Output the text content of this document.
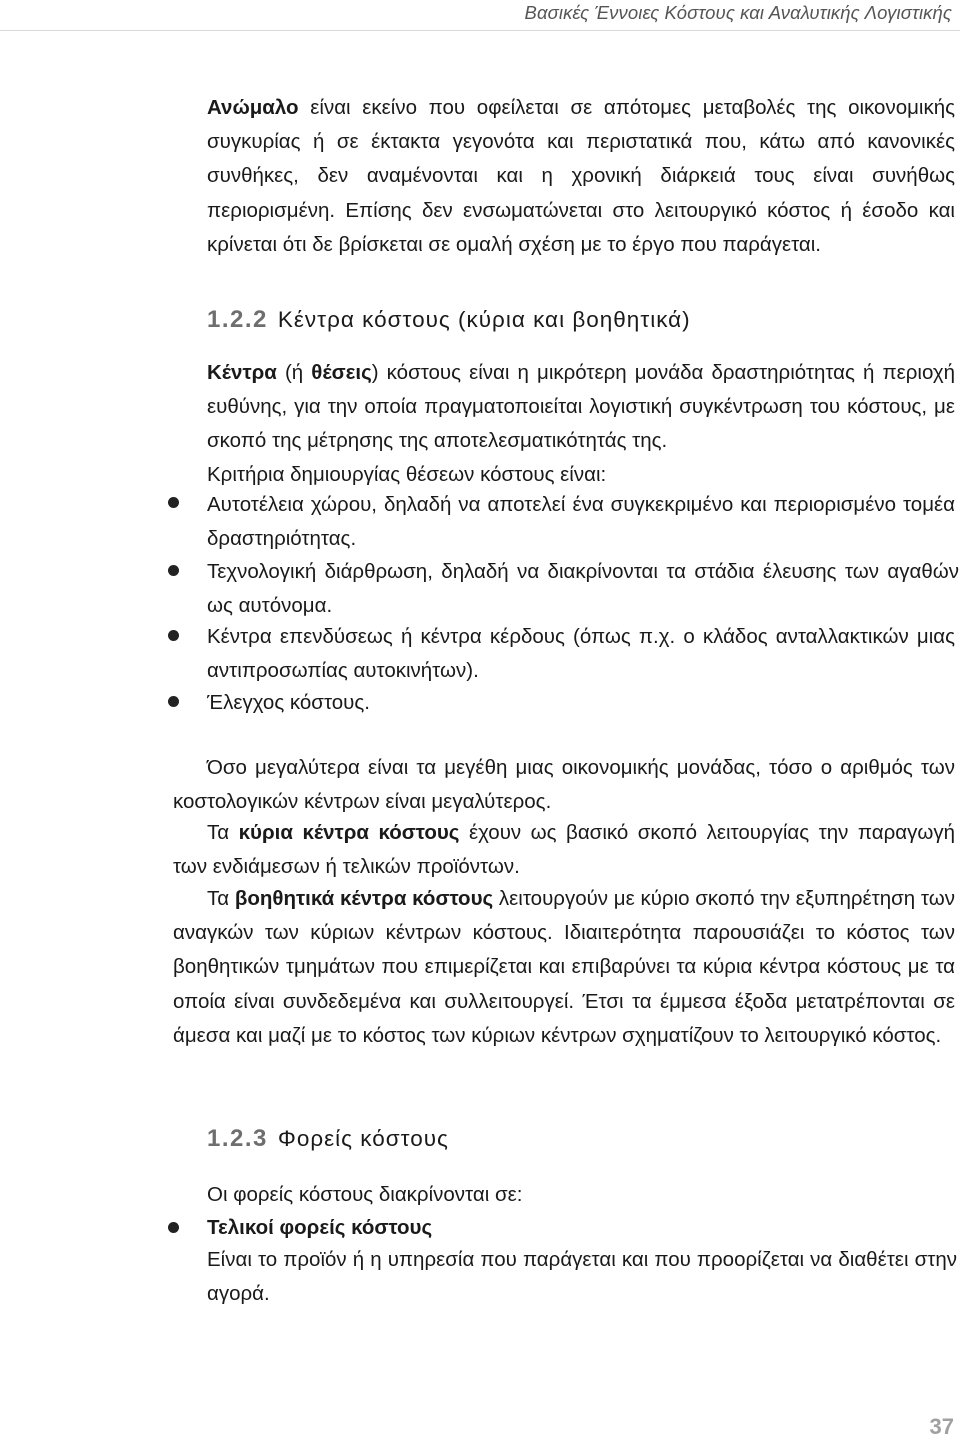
Βασικές Έννοιες Κόστους και Αναλυτικής Λογιστικής
Ανώμαλο είναι εκείνο που οφείλεται σε απότομες μεταβολές της οικονομικής συγκυρίας ή σε έκτακτα γεγονότα και περιστατικά που, κάτω από κανονικές συνθήκες, δεν αναμένονται και η χρονική διάρκειά τους είναι συνήθως περιορισμένη. Επίσης δεν ενσωματώνεται στο λειτουργικό κόστος ή έσοδο και κρίνεται ότι δε βρίσκεται σε ομαλή σχέση με το έργο που παράγεται.
1.2.2 Κέντρα κόστους (κύρια και βοηθητικά)
Κέντρα (ή θέσεις) κόστους είναι η μικρότερη μονάδα δραστηριότητας ή περιοχή ευθύνης, για την οποία πραγματοποιείται λογιστική συγκέντρωση του κόστους, με σκοπό της μέτρησης της αποτελεσματικότητάς της.
Κριτήρια δημιουργίας θέσεων κόστους είναι:
Αυτοτέλεια χώρου, δηλαδή να αποτελεί ένα συγκεκριμένο και περιορισμένο τομέα δραστηριότητας.
Τεχνολογική διάρθρωση, δηλαδή να διακρίνονται τα στάδια έλευσης των αγαθών ως αυτόνομα.
Κέντρα επενδύσεως ή κέντρα κέρδους (όπως π.χ. ο κλάδος ανταλλακτικών μιας αντιπροσωπίας αυτοκινήτων).
Έλεγχος κόστους.
Όσο μεγαλύτερα είναι τα μεγέθη μιας οικονομικής μονάδας, τόσο ο αριθμός των κοστολογικών κέντρων είναι μεγαλύτερος.
Τα κύρια κέντρα κόστους έχουν ως βασικό σκοπό λειτουργίας την παραγωγή των ενδιάμεσων ή τελικών προϊόντων.
Τα βοηθητικά κέντρα κόστους λειτουργούν με κύριο σκοπό την εξυπηρέτηση των αναγκών των κύριων κέντρων κόστους. Ιδιαιτερότητα παρουσιάζει το κόστος των βοηθητικών τμημάτων που επιμερίζεται και επιβαρύνει τα κύρια κέντρα κόστους με τα οποία είναι συνδεδεμένα και συλλειτουργεί. Έτσι τα έμμεσα έξοδα μετατρέπονται σε άμεσα και μαζί με το κόστος των κύριων κέντρων σχηματίζουν το λειτουργικό κόστος.
1.2.3 Φορείς κόστους
Οι φορείς κόστους διακρίνονται σε:
Τελικοί φορείς κόστους
Είναι το προϊόν ή η υπηρεσία που παράγεται και που προορίζεται να διαθέτει στην αγορά.
37
